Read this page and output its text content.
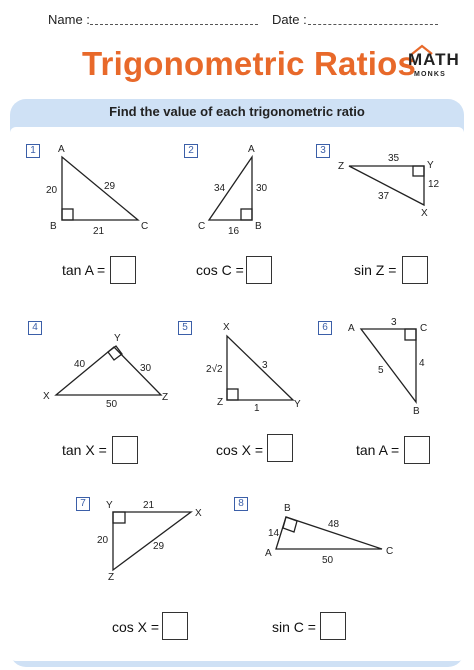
Name :	Date :
Trigonometric Ratios
MATH
MONKS
Find the value of each trigonometric ratio
1	2	3
4	5	6
7	8
A
B	C
20	29
21
A
B
C
34	30
16
Z	Y
X
35
12
37
X
Y
Z
40	30
50
X
Z	Y
2√2	3
1
A	C
B
3
4
5
Y
Z
X
21
20
29
B
A	C
14
48
50
tan A =	cos C =	sin Z =
tan X =	cos X =	tan A =
cos X =	sin C =
